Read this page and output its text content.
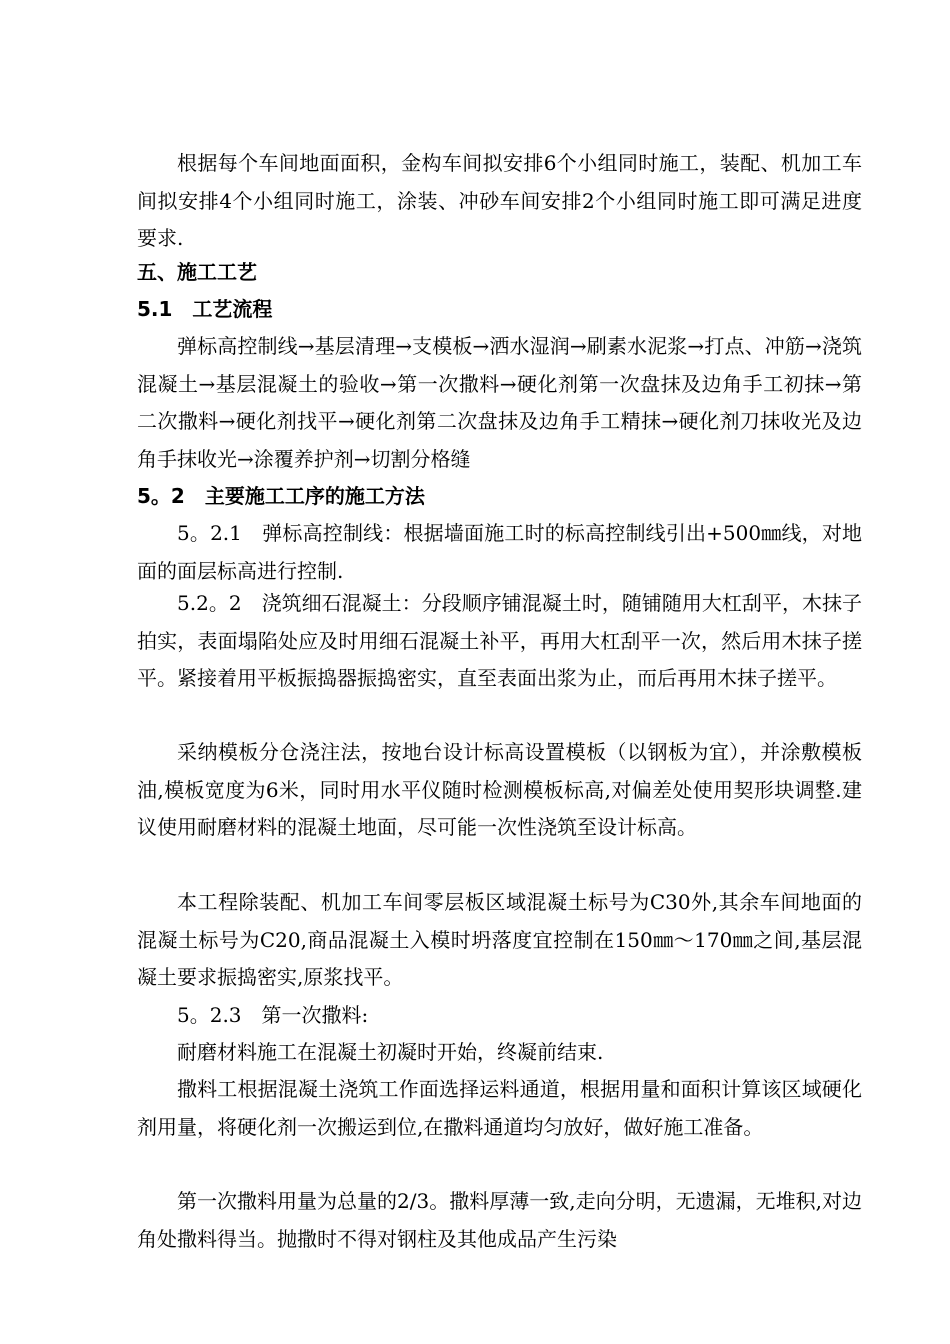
根据每个车间地面面积，金构车间拟安排6个小组同时施工，装配、机加工车间拟安排4个小组同时施工，涂装、冲砂车间安排2个小组同时施工即可满足进度要求.

五、施工工艺
5.1　工艺流程

弹标高控制线→基层清理→支模板→洒水湿润→刷素水泥浆→打点、冲筋→浇筑混凝土→基层混凝土的验收→第一次撒料→硬化剂第一次盘抹及边角手工初抹→第二次撒料→硬化剂找平→硬化剂第二次盘抹及边角手工精抹→硬化剂刀抹收光及边角手抹收光→涂覆养护剂→切割分格缝

5。2　主要施工工序的施工方法

5。2.1　弹标高控制线：根据墙面施工时的标高控制线引出+500㎜线，对地面的面层标高进行控制.

5.2。2　浇筑细石混凝土：分段顺序铺混凝土时，随铺随用大杠刮平，木抹子拍实，表面塌陷处应及时用细石混凝土补平，再用大杠刮平一次，然后用木抹子搓平。紧接着用平板振捣器振捣密实，直至表面出浆为止，而后再用木抹子搓平。

采纳模板分仓浇注法，按地台设计标高设置模板（以钢板为宜），并涂敷模板油,模板宽度为6米，同时用水平仪随时检测模板标高,对偏差处使用契形块调整.建议使用耐磨材料的混凝土地面，尽可能一次性浇筑至设计标高。

本工程除装配、机加工车间零层板区域混凝土标号为C30外,其余车间地面的混凝土标号为C20,商品混凝土入模时坍落度宜控制在150㎜～170㎜之间,基层混凝土要求振捣密实,原浆找平。

5。2.3　第一次撒料:

耐磨材料施工在混凝土初凝时开始，终凝前结束.

撒料工根据混凝土浇筑工作面选择运料通道，根据用量和面积计算该区域硬化剂用量，将硬化剂一次搬运到位,在撒料通道均匀放好，做好施工准备。

第一次撒料用量为总量的2/3。撒料厚薄一致,走向分明，无遗漏，无堆积,对边角处撒料得当。抛撒时不得对钢柱及其他成品产生污染
